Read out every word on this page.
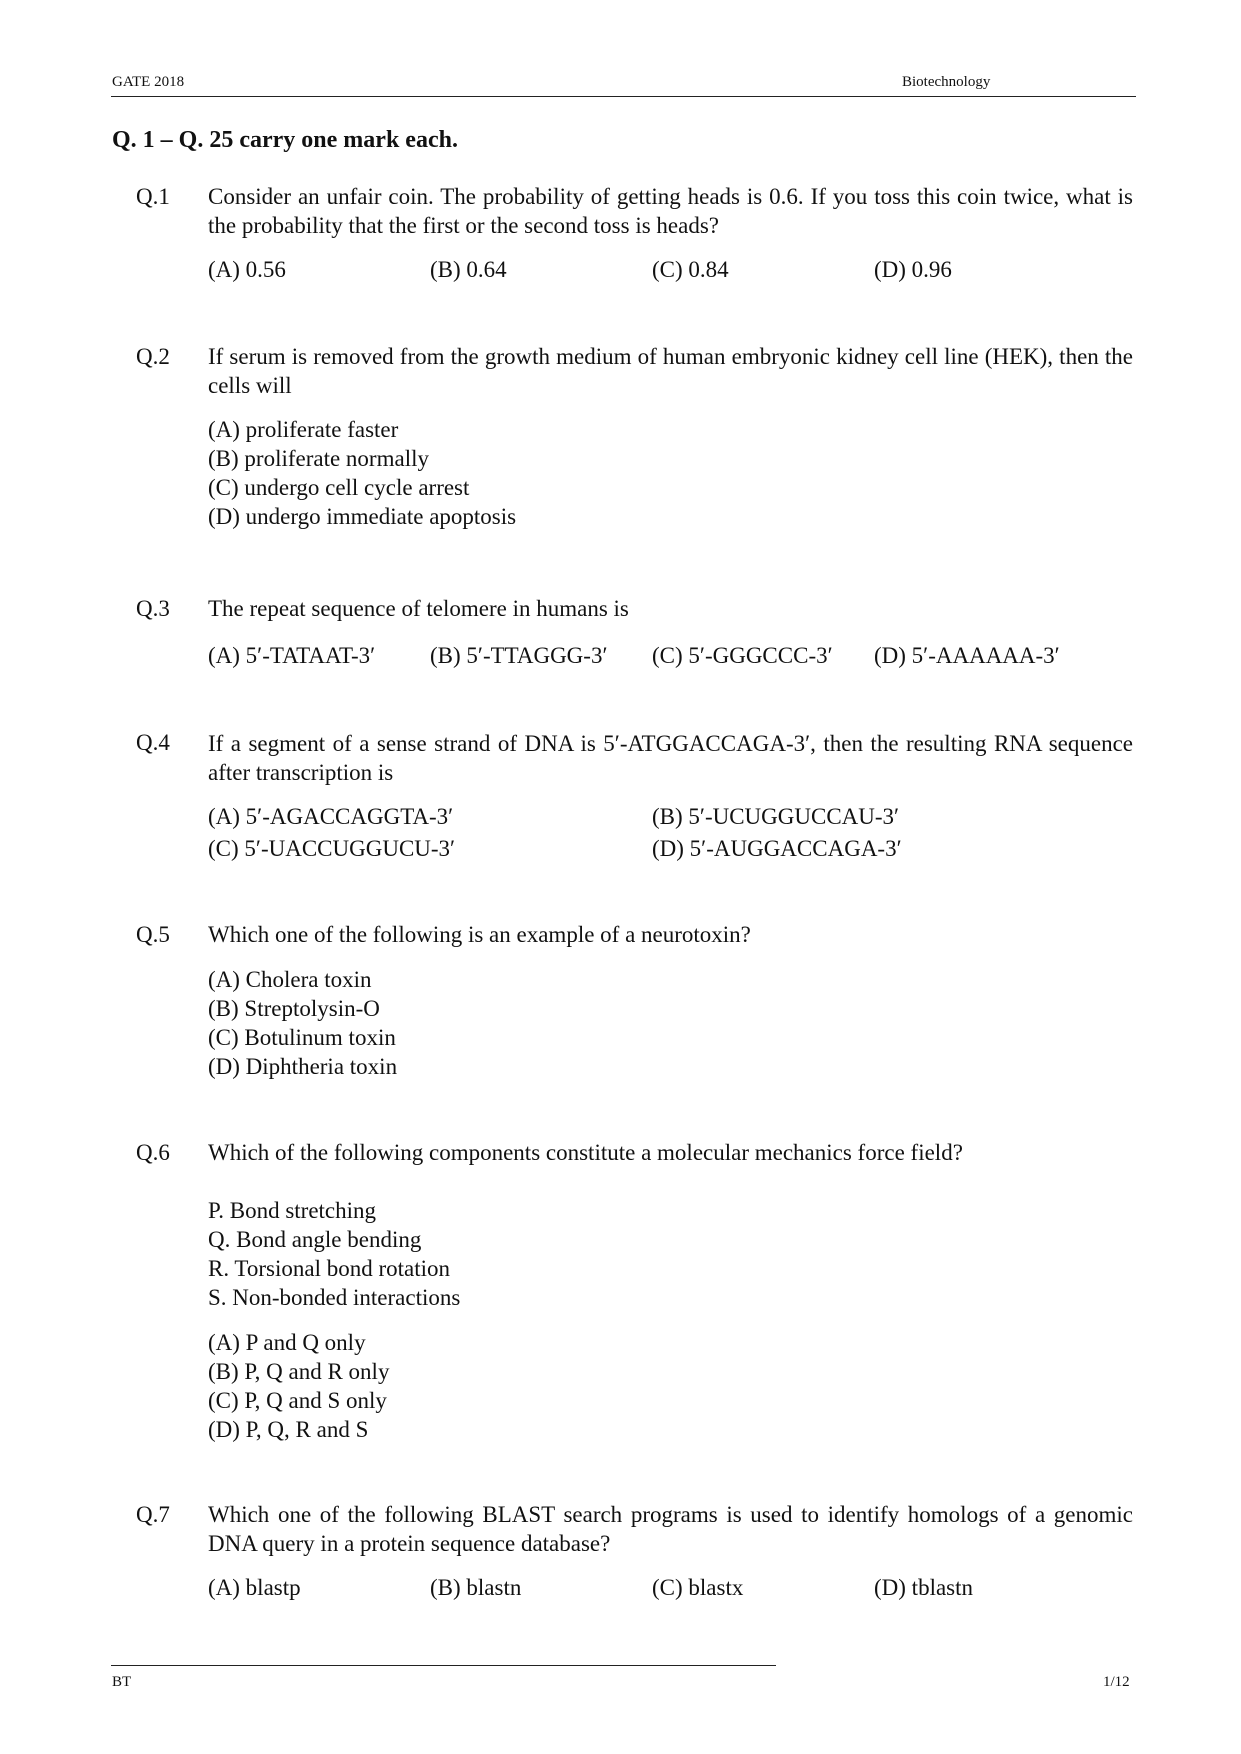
GATE 2018	Biotechnology
Q. 1 – Q. 25 carry one mark each.
Q.1 Consider an unfair coin. The probability of getting heads is 0.6. If you toss this coin twice, what is the probability that the first or the second toss is heads?
(A) 0.56	(B) 0.64	(C) 0.84	(D) 0.96
Q.2 If serum is removed from the growth medium of human embryonic kidney cell line (HEK), then the cells will
(A) proliferate faster
(B) proliferate normally
(C) undergo cell cycle arrest
(D) undergo immediate apoptosis
Q.3 The repeat sequence of telomere in humans is
(A) 5′-TATAAT-3′ (B) 5′-TTAGGG-3′ (C) 5′-GGGCCC-3′ (D) 5′-AAAAAA-3′
Q.4 If a segment of a sense strand of DNA is 5′-ATGGACCAGA-3′, then the resulting RNA sequence after transcription is
(A) 5′-AGACCAGGTA-3′	(B) 5′-UCUGGUCCAU-3′
(C) 5′-UACCUGGUCU-3′	(D) 5′-AUGGACCAGA-3′
Q.5 Which one of the following is an example of a neurotoxin?
(A) Cholera toxin
(B) Streptolysin-O
(C) Botulinum toxin
(D) Diphtheria toxin
Q.6 Which of the following components constitute a molecular mechanics force field?
P. Bond stretching
Q. Bond angle bending
R. Torsional bond rotation
S. Non-bonded interactions
(A) P and Q only
(B) P, Q and R only
(C) P, Q and S only
(D) P, Q, R and S
Q.7 Which one of the following BLAST search programs is used to identify homologs of a genomic DNA query in a protein sequence database?
(A) blastp	(B) blastn	(C) blastx	(D) tblastn
BT	1/12
